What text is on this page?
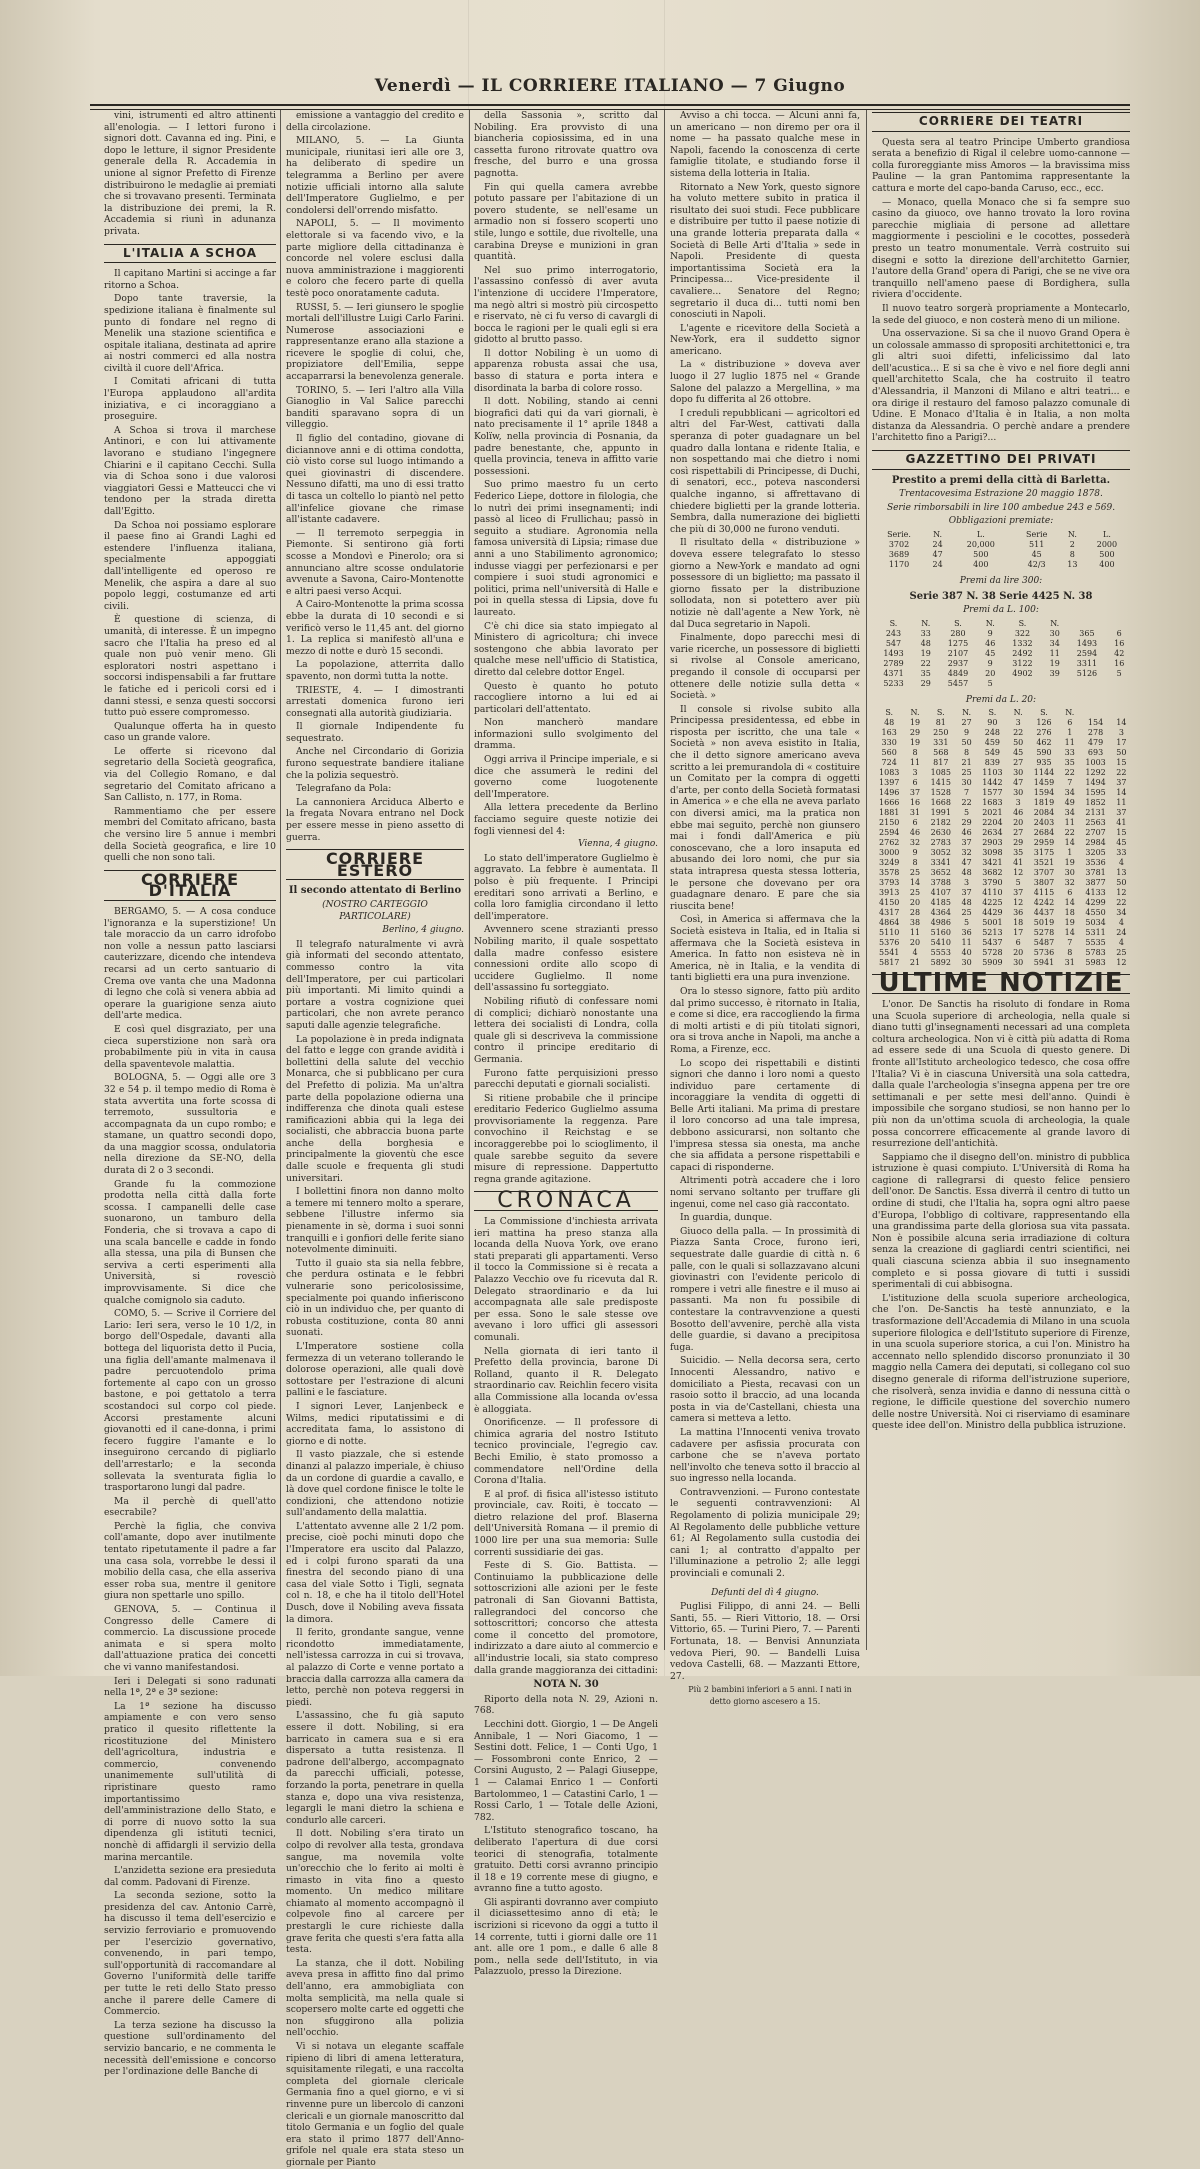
Venerdì — IL CORRIERE ITALIANO — 7 Giugno

vini, istrumenti ed altro attinenti all'enologia. — I lettori furono i signori dott. Cavanna ed ing. Pini, e dopo le letture, il signor Presidente generale della R. Accademia in unione al signor Prefetto di Firenze distribuirono le medaglie ai premiati che si trovavano presenti. Terminata la distribuzione dei premi, la R. Accademia si riunì in adunanza privata.

L'ITALIA A SCHOA

Il capitano Martini si accinge a far ritorno a Schoa.

Dopo tante traversie, la spedizione italiana è finalmente sul punto di fondare nel regno di Menelik una stazione scientifica e ospitale italiana, destinata ad aprire ai nostri commerci ed alla nostra civiltà il cuore dell'Africa.

I Comitati africani di tutta l'Europa applaudono all'ardita iniziativa, e ci incoraggiano a proseguire.

A Schoa si trova il marchese Antinori, e con lui attivamente lavorano e studiano l'ingegnere Chiarini e il capitano Cecchi. Sulla via di Schoa sono i due valorosi viaggiatori Gessi e Matteucci che vi tendono per la strada diretta dall'Egitto.

Da Schoa noi possiamo esplorare il paese fino ai Grandi Laghi ed estendere l'influenza italiana, specialmente appoggiati dall'intelligente ed operoso re Menelik, che aspira a dare al suo popolo leggi, costumanze ed arti civili.

È questione di scienza, di umanità, di interesse. È un impegno sacro che l'Italia ha preso ed al quale non può venir meno. Gli esploratori nostri aspettano i soccorsi indispensabili a far fruttare le fatiche ed i pericoli corsi ed i danni stessi, e senza questi soccorsi tutto può essere compromesso.

Qualunque offerta ha in questo caso un grande valore.

Le offerte si ricevono dal segretario della Società geografica, via del Collegio Romano, e dal segretario del Comitato africano a San Callisto, n. 177, in Roma.

Rammentiamo che per essere membri del Comitato africano, basta che versino lire 5 annue i membri della Società geografica, e lire 10 quelli che non sono tali.

CORRIERE D'ITALIA

BERGAMO, 5. — A cosa conduce l'ignoranza e la superstizione! Un tale moraccio da un carro idrofobo non volle a nessun patto lasciarsi cauterizzare, dicendo che intendeva recarsi ad un certo santuario di Crema ove vanta che una Madonna di legno che colà si venera abbia ad operare la guarigione senza aiuto dell'arte medica.

E così quel disgraziato, per una cieca superstizione non sarà ora probabilmente più in vita in causa della spaventevole malattia.

BOLOGNA, 5. — Oggi alle ore 3 32 e 54 p. il tempo medio di Roma è stata avvertita una forte scossa di terremoto, sussultoria e accompagnata da un cupo rombo; e stamane, un quattro secondi dopo, da una maggior scossa, ondulatoria nella direzione da SE-NO, della durata di 2 o 3 secondi.

Grande fu la commozione prodotta nella città dalla forte scossa. I campanelli delle case suonarono, un tamburo della Fonderia, che si trovava a capo di una scala bancelle e cadde in fondo alla stessa, una pila di Bunsen che serviva a certi esperimenti alla Università, si rovesciò improvvisamente. Si dice che qualche comignolo sia caduto.

COMO, 5. — Scrive il Corriere del Lario: Ieri sera, verso le 10 1/2, in borgo dell'Ospedale, davanti alla bottega del liquorista detto il Pucia, una figlia dell'amante malmenava il padre percuotendolo prima fortemente al capo con un grosso bastone, e poi gettatolo a terra scostandoci sul corpo col piede. Accorsi prestamente alcuni giovanotti ed il cane-donna, i primi fecero fuggire l'amante e lo inseguirono cercando di pigliarlo dell'arrestarlo; e la seconda sollevata la sventurata figlia lo trasportarono lungi dal padre.

Ma il perchè di quell'atto esecrabile?

Perchè la figlia, che conviva coll'amante, dopo aver inutilmente tentato ripetutamente il padre a far una casa sola, vorrebbe le dessi il mobilio della casa, che ella asseriva esser roba sua, mentre il genitore giura non spettarle uno spillo.

GENOVA, 5. — Continua il Congresso delle Camere di commercio. La discussione procede animata e si spera molto dall'attuazione pratica dei concetti che vi vanno manifestandosi.

Ieri i Delegati si sono radunati nella 1ª, 2ª e 3ª sezione:

La 1ª sezione ha discusso ampiamente e con vero senso pratico il quesito riflettente la ricostituzione del Ministero dell'agricoltura, industria e commercio, convenendo unanimemente sull'utilità di ripristinare questo ramo importantissimo dell'amministrazione dello Stato, e di porre di nuovo sotto la sua dipendenza gli istituti tecnici, nonchè di affidargli il servizio della marina mercantile.

L'anzidetta sezione era presieduta dal comm. Padovani di Firenze.

La seconda sezione, sotto la presidenza del cav. Antonio Carrè, ha discusso il tema dell'esercizio e servizio ferroviario e promuovendo per l'esercizio governativo, convenendo, in pari tempo, sull'opportunità di raccomandare al Governo l'uniformità delle tariffe per tutte le reti dello Stato presso anche il parere delle Camere di Commercio.

La terza sezione ha discusso la questione sull'ordinamento del servizio bancario, e ne commenta le necessità dell'emissione e concorso per l'ordinazione delle Banche di

emissione a vantaggio del credito e della circolazione.

MILANO, 5. — La Giunta municipale, riunitasi ieri alle ore 3, ha deliberato di spedire un telegramma a Berlino per avere notizie ufficiali intorno alla salute dell'Imperatore Guglielmo, e per condolersi dell'orrendo misfatto.

NAPOLI, 5. — Il movimento elettorale si va facendo vivo, e la parte migliore della cittadinanza è concorde nel volere esclusi dalla nuova amministrazione i maggiorenti e coloro che fecero parte di quella testè poco onoratamente caduta.

RUSSI, 5. — Ieri giunsero le spoglie mortali dell'illustre Luigi Carlo Farini. Numerose associazioni e rappresentanze erano alla stazione a ricevere le spoglie di colui, che, propiziatore dell'Emilia, seppe accaparrarsi la benevolenza generale.

TORINO, 5. — Ieri l'altro alla Villa Gianoglio in Val Salice parecchi banditi sparavano sopra di un villeggio.

Il figlio del contadino, giovane di diciannove anni e di ottima condotta, ciò visto corse sul luogo intimando a quei giovinastri di discendere. Nessuno difatti, ma uno di essi tratto di tasca un coltello lo piantò nel petto all'infelice giovane che rimase all'istante cadavere.

— Il terremoto serpeggia in Piemonte. Si sentirono già forti scosse a Mondovì e Pinerolo; ora si annunciano altre scosse ondulatorie avvenute a Savona, Cairo-Montenotte e altri paesi verso Acqui.

A Cairo-Montenotte la prima scossa ebbe la durata di 10 secondi e si verificò verso le 11,45 ant. del giorno 1. La replica si manifestò all'una e mezzo di notte e durò 15 secondi.

La popolazione, atterrita dallo spavento, non dormì tutta la notte.

TRIESTE, 4. — I dimostranti arrestati domenica furono ieri consegnati alla autorità giudiziaria.

Il giornale Indipendente fu sequestrato.

Anche nel Circondario di Gorizia furono sequestrate bandiere italiane che la polizia sequestrò.

Telegrafano da Pola:

La cannoniera Arciduca Alberto e la fregata Novara entrano nel Dock per essere messe in pieno assetto di guerra.

CORRIERE ESTERO
Il secondo attentato di Berlino
(NOSTRO CARTEGGIO PARTICOLARE)
Berlino, 4 giugno.

Il telegrafo naturalmente vi avrà già informati del secondo attentato, commesso contro la vita dell'Imperatore, per cui particolari più importanti. Mi limito quindi a portare a vostra cognizione quei particolari, che non avrete peranco saputi dalle agenzie telegrafiche.

La popolazione è in preda indignata del fatto e legge con grande avidità i bollettini della salute del vecchio Monarca, che si pubblicano per cura del Prefetto di polizia. Ma un'altra parte della popolazione odierna una indifferenza che dinota quali estese ramificazioni abbia qui la lega dei socialisti, che abbraccia buona parte anche della borghesia e principalmente la gioventù che esce dalle scuole e frequenta gli studi universitari.

I bollettini finora non danno molto a temere mi tennero molto a sperare, sebbene l'illustre infermo sia pienamente in sè, dorma i suoi sonni tranquilli e i gonfiori delle ferite siano notevolmente diminuiti.

Tutto il guaio sta sia nella febbre, che perdura ostinata e le febbri vulnerarie sono pericolosissime, specialmente poi quando infieriscono ciò in un individuo che, per quanto di robusta costituzione, conta 80 anni suonati.

L'Imperatore sostiene colla fermezza di un veterano tollerando le dolorose operazioni, alle quali dovè sottostare per l'estrazione di alcuni pallini e le fasciature.

I signori Lever, Lanjenbeck e Wilms, medici riputatissimi e di accreditata fama, lo assistono di giorno e di notte.

Il vasto piazzale, che si estende dinanzi al palazzo imperiale, è chiuso da un cordone di guardie a cavallo, e là dove quel cordone finisce le tolte le condizioni, che attendono notizie sull'andamento della malattia.

L'attentato avvenne alle 2 1/2 pom. precise, cioè pochi minuti dopo che l'Imperatore era uscito dal Palazzo, ed i colpi furono sparati da una finestra del secondo piano di una casa del viale Sotto i Tigli, segnata col n. 18, e che ha il titolo dell'Hotel Dusch, dove il Nobiling aveva fissata la dimora.

Il ferito, grondante sangue, venne ricondotto immediatamente, nell'istessa carrozza in cui si trovava, al palazzo di Corte e venne portato a braccia dalla carrozza alla camera da letto, perchè non poteva reggersi in piedi.

L'assassino, che fu già saputo essere il dott. Nobiling, si era barricato in camera sua e si era dispersato a tutta resistenza. Il padrone dell'albergo, accompagnato da parecchi ufficiali, potesse, forzando la porta, penetrare in quella stanza e, dopo una viva resistenza, legargli le mani dietro la schiena e condurlo alle carceri.

Il dott. Nobiling s'era tirato un colpo di revolver alla testa, grondava sangue, ma novemila volte un'orecchio che lo ferito ai molti è rimasto in vita fino a questo momento. Un medico militare chiamato al momento accompagnò il colpevole fino al carcere per prestargli le cure richieste dalla grave ferita che questi s'era fatta alla testa.

La stanza, che il dott. Nobiling aveva presa in affitto fino dal primo dell'anno, era ammobigliata con molta semplicità, ma nella quale si scopersero molte carte ed oggetti che non sfuggirono alla polizia nell'occhio.

Vi si notava un elegante scaffale ripieno di libri di amena letteratura, squisitamente rilegati, e una raccolta completa del giornale clericale Germania fino a quel giorno, e vi si rinvenne pure un libercolo di canzoni clericali e un giornale manoscritto dal titolo Germania e un foglio del quale era stato il primo 1877 dell'Anno-grifole nel quale era stata steso un giornale per Pianto

della Sassonia », scritto dal Nobiling. Era provvisto di una biancheria copiosissima, ed in una cassetta furono ritrovate quattro ova fresche, del burro e una grossa pagnotta.

Fin qui quella camera avrebbe potuto passare per l'abitazione di un povero studente, se nell'esame un armadio non si fossero scoperti uno stile, lungo e sottile, due rivoltelle, una carabina Dreyse e munizioni in gran quantità.

Nel suo primo interrogatorio, l'assassino confessò di aver avuta l'intenzione di uccidere l'Imperatore, ma negò altri si mostrò più circospetto e riservato, nè ci fu verso di cavargli di bocca le ragioni per le quali egli si era gidotto al brutto passo.

Il dottor Nobiling è un uomo di apparenza robusta assai che usa, basso di statura e porta intera e disordinata la barba di colore rosso.

Il dott. Nobiling, stando ai cenni biografici dati qui da vari giornali, è nato precisamente il 1° aprile 1848 a Kolïw, nella provincia di Posnania, da padre benestante, che, appunto in quella provincia, teneva in affitto varie possessioni.

Suo primo maestro fu un certo Federico Liepe, dottore in filologia, che lo nutrì dei primi insegnamenti; indi passò al liceo di Frullichau; passò in seguito a studiare. Agronomia nella famosa università di Lipsia; rimase due anni a uno Stabilimento agronomico; indusse viaggi per perfezionarsi e per compiere i suoi studi agronomici e politici, prima nell'università di Halle e poi in quella stessa di Lipsia, dove fu laureato.

C'è chi dice sia stato impiegato al Ministero di agricoltura; chi invece sostengono che abbia lavorato per qualche mese nell'ufficio di Statistica, diretto dal celebre dottor Engel.

Questo è quanto ho potuto raccogliere intorno a lui ed ai particolari dell'attentato.

Non mancherò mandare informazioni sullo svolgimento del dramma.

Oggi arriva il Principe imperiale, e si dice che assumerà le redini del governo come luogotenente dell'Imperatore.

Alla lettera precedente da Berlino facciamo seguire queste notizie dei fogli viennesi del 4:

Vienna, 4 giugno.

Lo stato dell'imperatore Guglielmo è aggravato. La febbre è aumentata. Il polso è più frequente. I Principi ereditari sono arrivati a Berlino, e colla loro famiglia circondano il letto dell'imperatore.

Avvennero scene strazianti presso Nobiling marito, il quale sospettato dalla madre confesso esistere connessioni ordite allo scopo di uccidere Guglielmo. Il nome dell'assassino fu sorteggiato.

Nobiling rifiutò di confessare nomi di complici; dichiarò nonostante una lettera dei socialisti di Londra, colla quale gli si descriveva la commissione contro il principe ereditario di Germania.

Furono fatte perquisizioni presso parecchi deputati e giornali socialisti.

Si ritiene probabile che il principe ereditario Federico Guglielmo assuma provvisoriamente la reggenza. Pare convochino il Reichstag e se incoraggerebbe poi lo scioglimento, il quale sarebbe seguito da severe misure di repressione. Dappertutto regna grande agitazione.

CRONACA

La Commissione d'inchiesta arrivata ieri mattina ha preso stanza alla locanda della Nuova York, ove erano stati preparati gli appartamenti. Verso il tocco la Commissione si è recata a Palazzo Vecchio ove fu ricevuta dal R. Delegato straordinario e da lui accompagnata alle sale predisposte per essa. Sono le sale stesse ove avevano i loro uffici gli assessori comunali.

Nella giornata di ieri tanto il Prefetto della provincia, barone Di Rolland, quanto il R. Delegato straordinario cav. Reichlin fecero visita alla Commissione alla locanda ov'essa è alloggiata.

Onorificenze. — Il professore di chimica agraria del nostro Istituto tecnico provinciale, l'egregio cav. Bechi Emilio, è stato promosso a commendatore nell'Ordine della Corona d'Italia.

E al prof. di fisica all'istesso istituto provinciale, cav. Roiti, è toccato — dietro relazione del prof. Blaserna dell'Università Romana — il premio di 1000 lire per una sua memoria: Sulle correnti sussidiarie dei gas.

Feste di S. Gio. Battista. — Continuiamo la pubblicazione delle sottoscrizioni alle azioni per le feste patronali di San Giovanni Battista, rallegrandoci del concorso che sottoscrittori; concorso che attesta come il concetto del promotore, indirizzato a dare aiuto al commercio e all'industrie locali, sia stato compreso dalla grande maggioranza dei cittadini:

NOTA N. 30

Riporto della nota N. 29, Azioni n. 768.

Lecchini dott. Giorgio, 1 — De Angeli Annibale, 1 — Nori Giacomo, 1 — Sestini dott. Felice, 1 — Conti Ugo, 1 — Fossombroni conte Enrico, 2 — Corsini Augusto, 2 — Palagi Giuseppe, 1 — Calamai Enrico 1 — Conforti Bartolommeo, 1 — Catastini Carlo, 1 — Rossi Carlo, 1 — Totale delle Azioni, 782.

L'Istituto stenografico toscano, ha deliberato l'apertura di due corsi teorici di stenografia, totalmente gratuito. Detti corsi avranno principio il 18 e 19 corrente mese di giugno, e avranno fine a tutto agosto.

Gli aspiranti dovranno aver compiuto il diciassettesimo anno di età; le iscrizioni si ricevono da oggi a tutto il 14 corrente, tutti i giorni dalle ore 11 ant. alle ore 1 pom., e dalle 6 alle 8 pom., nella sede dell'Istituto, in via Palazzuolo, presso la Direzione.

Avviso a chi tocca. — Alcuni anni fa, un americano — non diremo per ora il nome — ha passato qualche mese in Napoli, facendo la conoscenza di certe famiglie titolate, e studiando forse il sistema della lotteria in Italia.

Ritornato a New York, questo signore ha voluto mettere subito in pratica il risultato dei suoi studi. Fece pubblicare e distribuire per tutto il paese notizie di una grande lotteria preparata dalla « Società di Belle Arti d'Italia » sede in Napoli. Presidente di questa importantissima Società era la Principessa... Vice-presidente il cavaliere... Senatore del Regno; segretario il duca di... tutti nomi ben conosciuti in Napoli.

L'agente e ricevitore della Società a New-York, era il suddetto signor americano.

La « distribuzione » doveva aver luogo il 27 luglio 1875 nel « Grande Salone del palazzo a Mergellina, » ma dopo fu differita al 26 ottobre.

I creduli repubblicani — agricoltori ed altri del Far-West, cattivati dalla speranza di poter guadagnare un bel quadro dalla lontana e ridente Italia, e non sospettando mai che dietro i nomi così rispettabili di Principesse, di Duchi, di senatori, ecc., poteva nascondersi qualche inganno, si affrettavano di chiedere biglietti per la grande lotteria. Sembra, dalla numerazione dei biglietti che più di 30,000 ne furono venduti.

Il risultato della « distribuzione » doveva essere telegrafato lo stesso giorno a New-York e mandato ad ogni possessore di un biglietto; ma passato il giorno fissato per la distribuzione sollodata, non si potettero aver più notizie nè dall'agente a New York, nè dal Duca segretario in Napoli.

Finalmente, dopo parecchi mesi di varie ricerche, un possessore di biglietti si rivolse al Console americano, pregando il console di occuparsi per ottenere delle notizie sulla detta « Società. »

Il console si rivolse subito alla Principessa presidentessa, ed ebbe in risposta per iscritto, che una tale « Società » non aveva esistito in Italia, che il detto signore americano aveva scritto a lei premurandola di « costituire un Comitato per la compra di oggetti d'arte, per conto della Società formatasi in America » e che ella ne aveva parlato con diversi amici, ma la pratica non ebbe mai seguito, perchè non giunsero mai i fondi dall'America e più conoscevano, che a loro insaputa ed abusando dei loro nomi, che pur sia stata intrapresa questa stessa lotteria, le persone che dovevano per ora guadagnare denaro. E pare che sia riuscita bene!

Così, in America si affermava che la Società esisteva in Italia, ed in Italia si affermava che la Società esisteva in America. In fatto non esisteva nè in America, nè in Italia, e la vendita di tanti biglietti era una pura invenzione.

Ora lo stesso signore, fatto più ardito dal primo successo, è ritornato in Italia, e come si dice, era raccogliendo la firma di molti artisti e di più titolati signori, ora si trova anche in Napoli, ma anche a Roma, a Firenze, ecc.

Lo scopo dei rispettabili e distinti signori che danno i loro nomi a questo individuo pare certamente di incoraggiare la vendita di oggetti di Belle Arti italiani. Ma prima di prestare il loro concorso ad una tale impresa, debbono assicurarsi, non soltanto che l'impresa stessa sia onesta, ma anche che sia affidata a persone rispettabili e capaci di risponderne.

Altrimenti potrà accadere che i loro nomi servano soltanto per truffare gli ingenui, come nel caso già raccontato.

In guardia, dunque.

Giuoco della palla. — In prossimità di Piazza Santa Croce, furono ieri, sequestrate dalle guardie di città n. 6 palle, con le quali si sollazzavano alcuni giovinastri con l'evidente pericolo di rompere i vetri alle finestre e il muso ai passanti. Ma non fu possibile di contestare la contravvenzione a questi Bosotto dell'avvenire, perchè alla vista delle guardie, si davano a precipitosa fuga.

Suicidio. — Nella decorsa sera, certo Innocenti Alessandro, nativo e domiciliato a Piesta, recavasi con un rasoio sotto il braccio, ad una locanda posta in via de'Castellani, chiesta una camera si metteva a letto.

La mattina l'Innocenti veniva trovato cadavere per asfissia procurata con carbone che se n'aveva portato nell'involto che teneva sotto il braccio al suo ingresso nella locanda.

Contravvenzioni. — Furono contestate le seguenti contravvenzioni: Al Regolamento di polizia municipale 29; Al Regolamento delle pubbliche vetture 61; Al Regolamento sulla custodia dei cani 1; al contratto d'appalto per l'illuminazione a petrolio 2; alle leggi provinciali e comunali 2.

Defunti del dì 4 giugno.

Puglisi Filippo, di anni 24. — Belli Santi, 55. — Rieri Vittorio, 18. — Orsi Vittorio, 65. — Turini Piero, 7. — Parenti Fortunata, 18. — Benvisi Annunziata vedova Pieri, 90. — Bandelli Luisa vedova Castelli, 68. — Mazzanti Ettore, 27.

Più 2 bambini inferiori a 5 anni. I nati in detto giorno ascesero a 15.

CORRIERE DEI TEATRI

Questa sera al teatro Principe Umberto grandiosa serata a benefizio di Rigal il celebre uomo-cannone — colla furoreggiante miss Amoros — la bravissima miss Pauline — la gran Pantomima rappresentante la cattura e morte del capo-banda Caruso, ecc., ecc.

— Monaco, quella Monaco che si fa sempre suo casino da giuoco, ove hanno trovato la loro rovina parecchie migliaia di persone ad allettare maggiormente i pesciolini e le cocottes, possederà presto un teatro monumentale. Verrà costruito sui disegni e sotto la direzione dell'architetto Garnier, l'autore della Grand' opera di Parigi, che se ne vive ora tranquillo nell'ameno paese di Bordighera, sulla riviera d'occidente.

Il nuovo teatro sorgerà propriamente a Montecarlo, la sede del giuoco, e non costerà meno di un milione.

Una osservazione. Si sa che il nuovo Grand Opera è un colossale ammasso di spropositi architettonici e, tra gli altri suoi difetti, infelicissimo dal lato dell'acustica... E si sa che è vivo e nel fiore degli anni quell'architetto Scala, che ha costruito il teatro d'Alessandria, il Manzoni di Milano e altri teatri... e ora dirige il restauro del famoso palazzo comunale di Udine. E Monaco d'Italia è in Italia, a non molta distanza da Alessandria. O perchè andare a prendere l'architetto fino a Parigi?...

GAZZETTINO DEI PRIVATI
Prestito a premi della città di Barletta.
Trentacovesima Estrazione 20 maggio 1878.
Serie rimborsabili in lire 100 ambedue 243 e 569.
Obbligazioni premiate:
Serie.	N.	L.	Serie	N.	L.
3702	24	20,000	511	2	2000
3689	47	500	45	8	500
1170	24	400	42/3	13	400
Premi da lire 300:
Serie 387 N. 38 Serie 4425 N. 38
Premi da L. 100:
S.	N.	S.	N.	S.	N.		
243	33	280	9	322	30	365	6
547	48	1275	46	1332	34	1493	16
1493	19	2107	45	2492	11	2594	42
2789	22	2937	9	3122	19	3311	16
4371	35	4849	20	4902	39	5126	5
5233	29	5457	5				
Premi da L. 20:
S.	N.	S.	N.	S.	N.	S.	N.		
48	19	81	27	90	3	126	6	154	14
163	29	250	9	248	22	276	1	278	3
330	19	331	50	459	50	462	11	479	17
560	8	568	8	549	45	590	33	693	50
724	11	817	21	839	27	935	35	1003	15
1083	3	1085	25	1103	30	1144	22	1292	22
1397	6	1415	30	1442	47	1459	7	1494	37
1496	37	1528	7	1577	30	1594	34	1595	14
1666	16	1668	22	1683	3	1819	49	1852	11
1881	31	1991	5	2021	46	2084	34	2131	37
2150	6	2182	29	2204	20	2403	11	2563	41
2594	46	2630	46	2634	27	2684	22	2707	15
2762	32	2783	37	2903	29	2959	14	2984	45
3000	9	3052	32	3098	35	3175	1	3205	33
3249	8	3341	47	3421	41	3521	19	3536	4
3578	25	3652	48	3682	12	3707	30	3781	13
3793	14	3788	3	3790	5	3807	32	3877	50
3913	25	4107	37	4110	37	4115	6	4133	12
4150	20	4185	48	4225	12	4242	14	4299	22
4317	28	4364	25	4429	36	4437	18	4550	34
4864	38	4986	5	5001	18	5019	19	5034	4
5110	11	5160	36	5213	17	5278	14	5311	24
5376	20	5410	11	5437	6	5487	7	5535	4
5541	4	5553	40	5728	20	5736	8	5783	25
5817	21	5892	30	5909	30	5941	31	5983	12
ULTIME NOTIZIE

L'onor. De Sanctis ha risoluto di fondare in Roma una Scuola superiore di archeologia, nella quale si diano tutti gl'insegnamenti necessari ad una completa coltura archeologica. Non vi è città più adatta di Roma ad essere sede di una Scuola di questo genere. Di fronte all'Istituto archeologico tedesco, che cosa offre l'Italia? Vi è in ciascuna Università una sola cattedra, dalla quale l'archeologia s'insegna appena per tre ore settimanali e per sette mesi dell'anno. Quindi è impossibile che sorgano studiosi, se non hanno per lo più non da un'ottima scuola di archeologia, la quale possa concorrere efficacemente al grande lavoro di resurrezione dell'antichità.

Sappiamo che il disegno dell'on. ministro di pubblica istruzione è quasi compiuto. L'Università di Roma ha cagione di rallegrarsi di questo felice pensiero dell'onor. De Sanctis. Essa diverrà il centro di tutto un ordine di studi, che l'Italia ha, sopra ogni altro paese d'Europa, l'obbligo di coltivare, rappresentando ella una grandissima parte della gloriosa sua vita passata. Non è possibile alcuna seria irradiazione di coltura senza la creazione di gagliardi centri scientifici, nei quali ciascuna scienza abbia il suo insegnamento completo e si possa giovare di tutti i sussidi sperimentali di cui abbisogna.

L'istituzione della scuola superiore archeologica, che l'on. De-Sanctis ha testè annunziato, e la trasformazione dell'Accademia di Milano in una scuola superiore filologica e dell'Istituto superiore di Firenze, in una scuola superiore storica, a cui l'on. Ministro ha accennato nello splendido discorso pronunziato il 30 maggio nella Camera dei deputati, si collegano col suo disegno generale di riforma dell'istruzione superiore, che risolverà, senza invidia e danno di nessuna città o regione, le difficile questione del soverchio numero delle nostre Università. Noi ci riserviamo di esaminare queste idee dell'on. Ministro della pubblica istruzione.
